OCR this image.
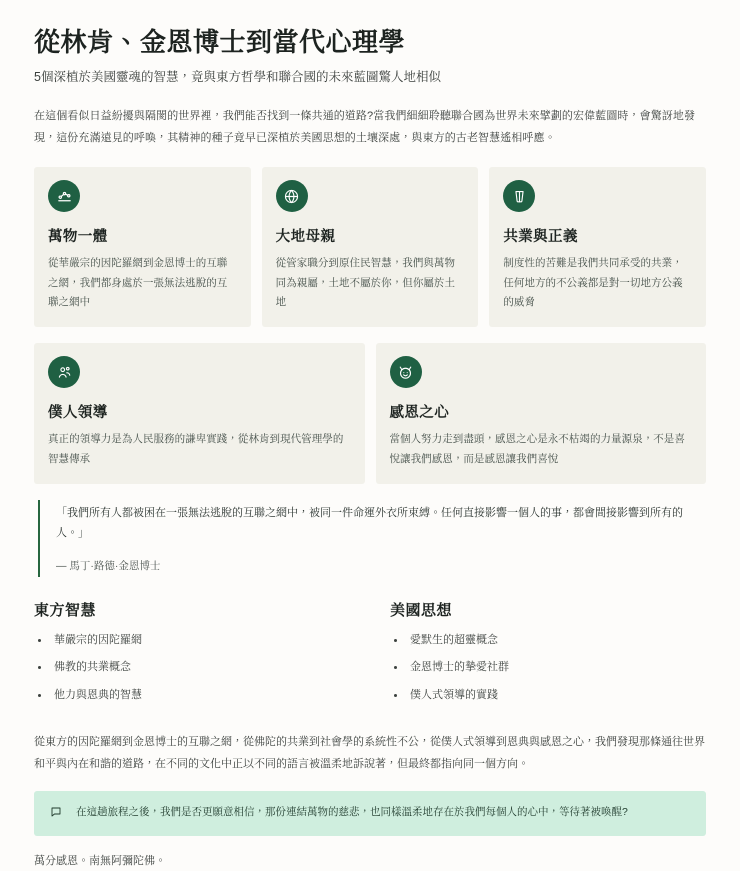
從林肯、金恩博士到當代心理學
5個深植於美國靈魂的智慧，竟與東方哲學和聯合國的未來藍圖驚人地相似

在這個看似日益紛擾與隔閡的世界裡，我們能否找到一條共通的道路?當我們細細聆聽聯合國為世界未來擘劃的宏偉藍圖時，會驚訝地發現，這份充滿遠見的呼喚，其精神的種子竟早已深植於美國思想的土壤深處，與東方的古老智慧遙相呼應。

萬物一體

從華嚴宗的因陀羅網到金恩博士的互聯之網，我們都身處於一張無法逃脫的互聯之網中

大地母親

從管家職分到原住民智慧，我們與萬物同為親屬，土地不屬於你，但你屬於土地

共業與正義

制度性的苦難是我們共同承受的共業，任何地方的不公義都是對一切地方公義的威脅

僕人領導

真正的領導力是為人民服務的謙卑實踐，從林肯到現代管理學的智慧傳承

感恩之心

當個人努力走到盡頭，感恩之心是永不枯竭的力量源泉，不是喜悅讓我們感恩，而是感恩讓我們喜悅

「我們所有人都被困在一張無法逃脫的互聯之網中，被同一件命運外衣所束縛。任何直接影響一個人的事，都會間接影響到所有的人。」

— 馬丁·路德·金恩博士

東方智慧
華嚴宗的因陀羅網
佛教的共業概念
他力與恩典的智慧
美國思想
愛默生的超靈概念
金恩博士的摯愛社群
僕人式領導的實踐

從東方的因陀羅網到金恩博士的互聯之網，從佛陀的共業到社會學的系統性不公，從僕人式領導到恩典與感恩之心，我們發現那條通往世界和平與內在和諧的道路，在不同的文化中正以不同的語言被溫柔地訴說著，但最終都指向同一個方向。

在這趟旅程之後，我們是否更願意相信，那份連結萬物的慈悲，也同樣溫柔地存在於我們每個人的心中，等待著被喚醒?

萬分感恩。南無阿彌陀佛。
